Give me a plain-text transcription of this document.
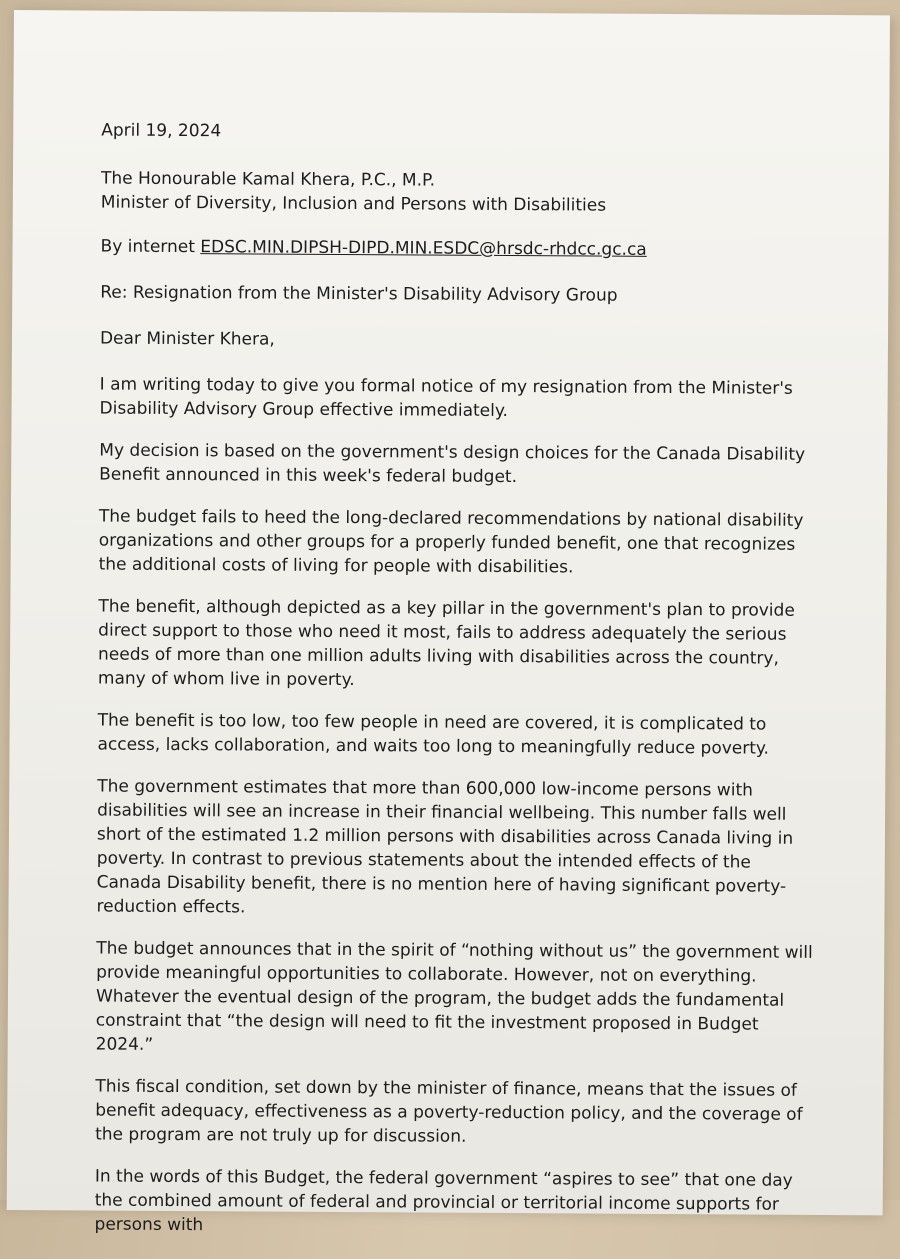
April 19, 2024

The Honourable Kamal Khera, P.C., M.P.

Minister of Diversity, Inclusion and Persons with Disabilities

By internet EDSC.MIN.DIPSH-DIPD.MIN.ESDC@hrsdc-rhdcc.gc.ca

Re: Resignation from the Minister's Disability Advisory Group

Dear Minister Khera,

I am writing today to give you formal notice of my resignation from the Minister's Disability Advisory Group effective immediately.

My decision is based on the government's design choices for the Canada Disability Benefit announced in this week's federal budget.

The budget fails to heed the long-declared recommendations by national disability organizations and other groups for a properly funded benefit, one that recognizes the additional costs of living for people with disabilities.

The benefit, although depicted as a key pillar in the government's plan to provide direct support to those who need it most, fails to address adequately the serious needs of more than one million adults living with disabilities across the country, many of whom live in poverty.

The benefit is too low, too few people in need are covered, it is complicated to access, lacks collaboration, and waits too long to meaningfully reduce poverty.

The government estimates that more than 600,000 low-income persons with disabilities will see an increase in their financial wellbeing. This number falls well short of the estimated 1.2 million persons with disabilities across Canada living in poverty. In contrast to previous statements about the intended effects of the Canada Disability benefit, there is no mention here of having significant poverty-reduction effects.

The budget announces that in the spirit of “nothing without us” the government will provide meaningful opportunities to collaborate. However, not on everything. Whatever the eventual design of the program, the budget adds the fundamental constraint that “the design will need to fit the investment proposed in Budget 2024.”

This fiscal condition, set down by the minister of finance, means that the issues of benefit adequacy, effectiveness as a poverty-reduction policy, and the coverage of the program are not truly up for discussion.

In the words of this Budget, the federal government “aspires to see” that one day the combined amount of federal and provincial or territorial income supports for persons with
